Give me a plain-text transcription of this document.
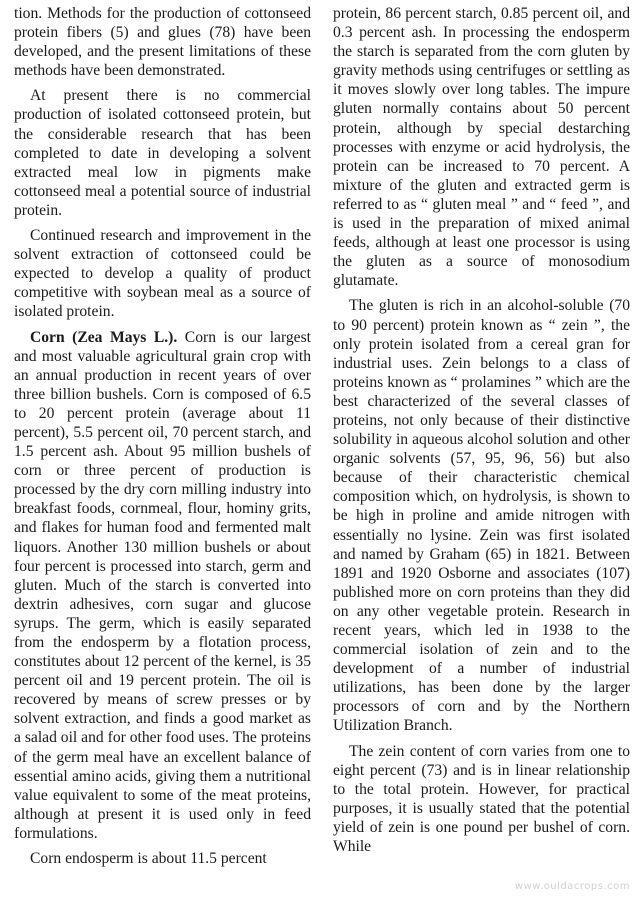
tion. Methods for the production of cottonseed protein fibers (5) and glues (78) have been developed, and the present limitations of these methods have been demonstrated.

At present there is no commercial production of isolated cottonseed protein, but the considerable research that has been completed to date in developing a solvent extracted meal low in pigments make cottonseed meal a potential source of industrial protein.

Continued research and improvement in the solvent extraction of cottonseed could be expected to develop a quality of product competitive with soybean meal as a source of isolated protein.

Corn (Zea Mays L.). Corn is our largest and most valuable agricultural grain crop with an annual production in recent years of over three billion bushels. Corn is composed of 6.5 to 20 percent protein (average about 11 percent), 5.5 percent oil, 70 percent starch, and 1.5 percent ash. About 95 million bushels of corn or three percent of production is processed by the dry corn milling industry into breakfast foods, cornmeal, flour, hominy grits, and flakes for human food and fermented malt liquors. Another 130 million bushels or about four percent is processed into starch, germ and gluten. Much of the starch is converted into dextrin adhesives, corn sugar and glucose syrups. The germ, which is easily separated from the endosperm by a flotation process, constitutes about 12 percent of the kernel, is 35 percent oil and 19 percent protein. The oil is recovered by means of screw presses or by solvent extraction, and finds a good market as a salad oil and for other food uses. The proteins of the germ meal have an excellent balance of essential amino acids, giving them a nutritional value equivalent to some of the meat proteins, although at present it is used only in feed formulations.

Corn endosperm is about 11.5 percent

protein, 86 percent starch, 0.85 percent oil, and 0.3 percent ash. In processing the endosperm the starch is separated from the corn gluten by gravity methods using centrifuges or settling as it moves slowly over long tables. The impure gluten normally contains about 50 percent protein, although by special destarching processes with enzyme or acid hydrolysis, the protein can be increased to 70 percent. A mixture of the gluten and extracted germ is referred to as “ gluten meal ” and “ feed ”, and is used in the preparation of mixed animal feeds, although at least one processor is using the gluten as a source of monosodium glutamate.

The gluten is rich in an alcohol-soluble (70 to 90 percent) protein known as “ zein ”, the only protein isolated from a cereal gran for industrial uses. Zein belongs to a class of proteins known as “ prolamines ” which are the best characterized of the several classes of proteins, not only because of their distinctive solubility in aqueous alcohol solution and other organic solvents (57, 95, 96, 56) but also because of their characteristic chemical composition which, on hydrolysis, is shown to be high in proline and amide nitrogen with essentially no lysine. Zein was first isolated and named by Graham (65) in 1821. Between 1891 and 1920 Osborne and associates (107) published more on corn proteins than they did on any other vegetable protein. Research in recent years, which led in 1938 to the commercial isolation of zein and to the development of a number of industrial utilizations, has been done by the larger processors of corn and by the Northern Utilization Branch.

The zein content of corn varies from one to eight percent (73) and is in linear relationship to the total protein. However, for practical purposes, it is usually stated that the potential yield of zein is one pound per bushel of corn. While

www.ouldacrops.com
